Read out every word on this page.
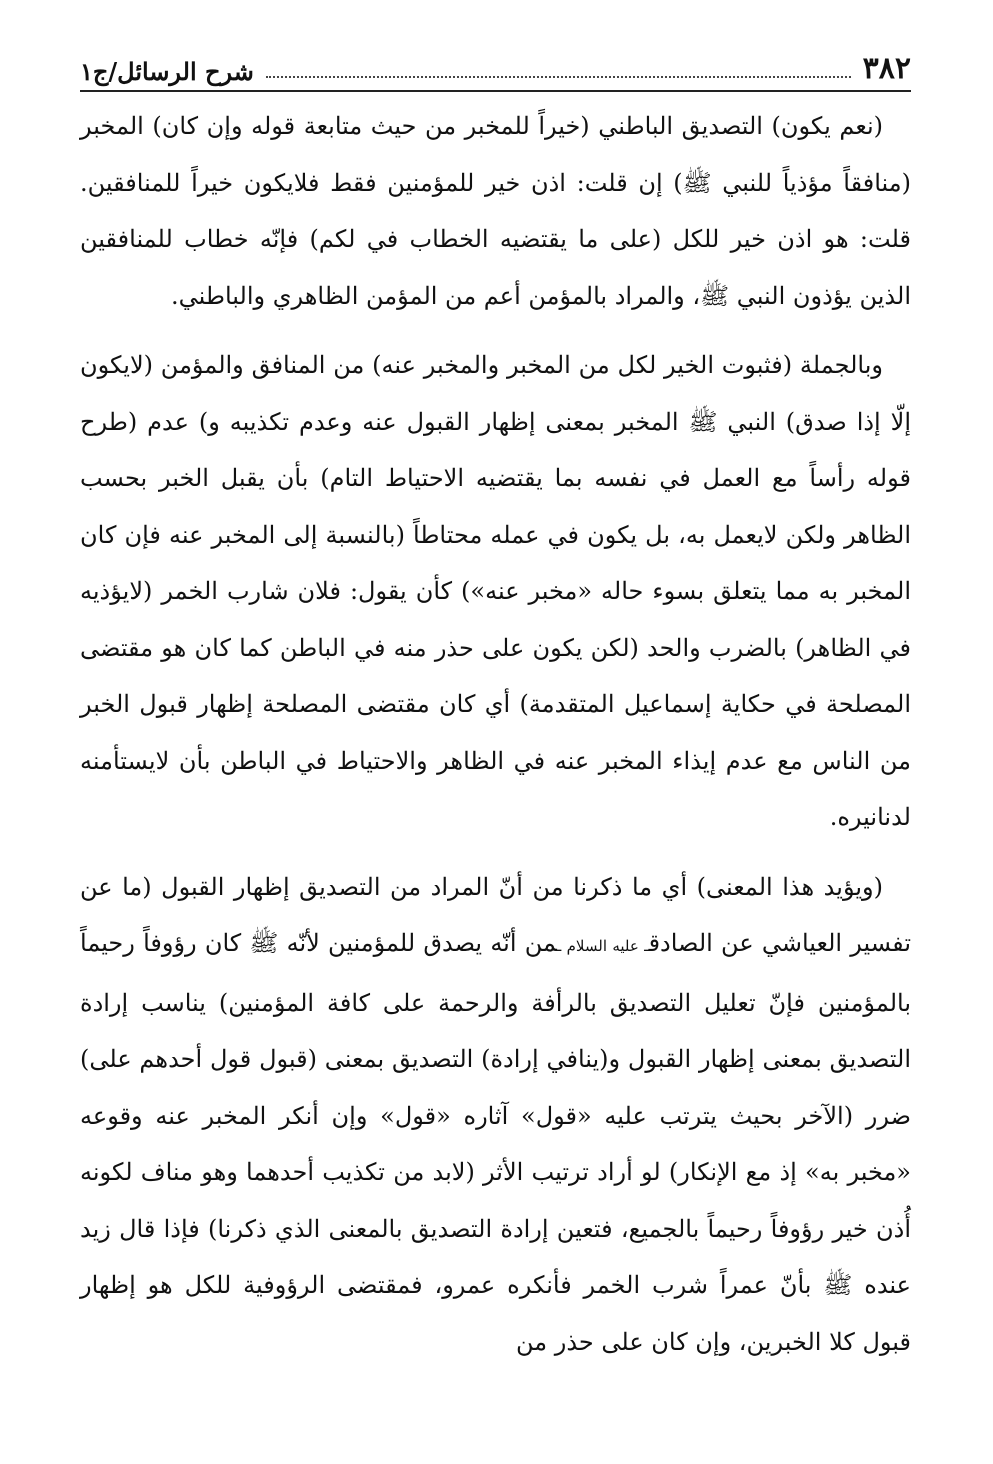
٣٨٢
شرح الرسائل/ج١

(نعم يكون) التصديق الباطني (خيراً للمخبر من حيث متابعة قوله وإن كان) المخبر (منافقاً مؤذياً للنبي ﷺ) إن قلت: اذن خير للمؤمنين فقط فلايكون خيراً للمنافقين. قلت: هو اذن خير للكل (على ما يقتضيه الخطاب في لكم) فإنّه خطاب للمنافقين الذين يؤذون النبي ﷺ، والمراد بالمؤمن أعم من المؤمن الظاهري والباطني.

وبالجملة (فثبوت الخير لكل من المخبر والمخبر عنه) من المنافق والمؤمن (لايكون إلّا إذا صدق) النبي ﷺ المخبر بمعنى إظهار القبول عنه وعدم تكذيبه و) عدم (طرح قوله رأساً مع العمل في نفسه بما يقتضيه الاحتياط التام) بأن يقبل الخبر بحسب الظاهر ولكن لايعمل به، بل يكون في عمله محتاطاً (بالنسبة إلى المخبر عنه فإن كان المخبر به مما يتعلق بسوء حاله «مخبر عنه») كأن يقول: فلان شارب الخمر (لايؤذيه في الظاهر) بالضرب والحد (لكن يكون على حذر منه في الباطن كما كان هو مقتضى المصلحة في حكاية إسماعيل المتقدمة) أي كان مقتضى المصلحة إظهار قبول الخبر من الناس مع عدم إيذاء المخبر عنه في الظاهر والاحتياط في الباطن بأن لايستأمنه لدنانيره.

(ويؤيد هذا المعنى) أي ما ذكرنا من أنّ المراد من التصديق إظهار القبول (ما عن تفسير العياشي عن الصادقـ عليه السلام ـمن أنّه يصدق للمؤمنين لأنّه ﷺ كان رؤوفاً رحيماً بالمؤمنين فإنّ تعليل التصديق بالرأفة والرحمة على كافة المؤمنين) يناسب إرادة التصديق بمعنى إظهار القبول و(ينافي إرادة) التصديق بمعنى (قبول قول أحدهم على) ضرر (الآخر بحيث يترتب عليه «قول» آثاره «قول» وإن أنكر المخبر عنه وقوعه «مخبر به» إذ مع الإنكار) لو أراد ترتيب الأثر (لابد من تكذيب أحدهما وهو مناف لكونه أُذن خير رؤوفاً رحيماً بالجميع، فتعين إرادة التصديق بالمعنى الذي ذكرنا) فإذا قال زيد عنده ﷺ بأنّ عمراً شرب الخمر فأنكره عمرو، فمقتضى الرؤوفية للكل هو إظهار قبول كلا الخبرين، وإن كان على حذر من
